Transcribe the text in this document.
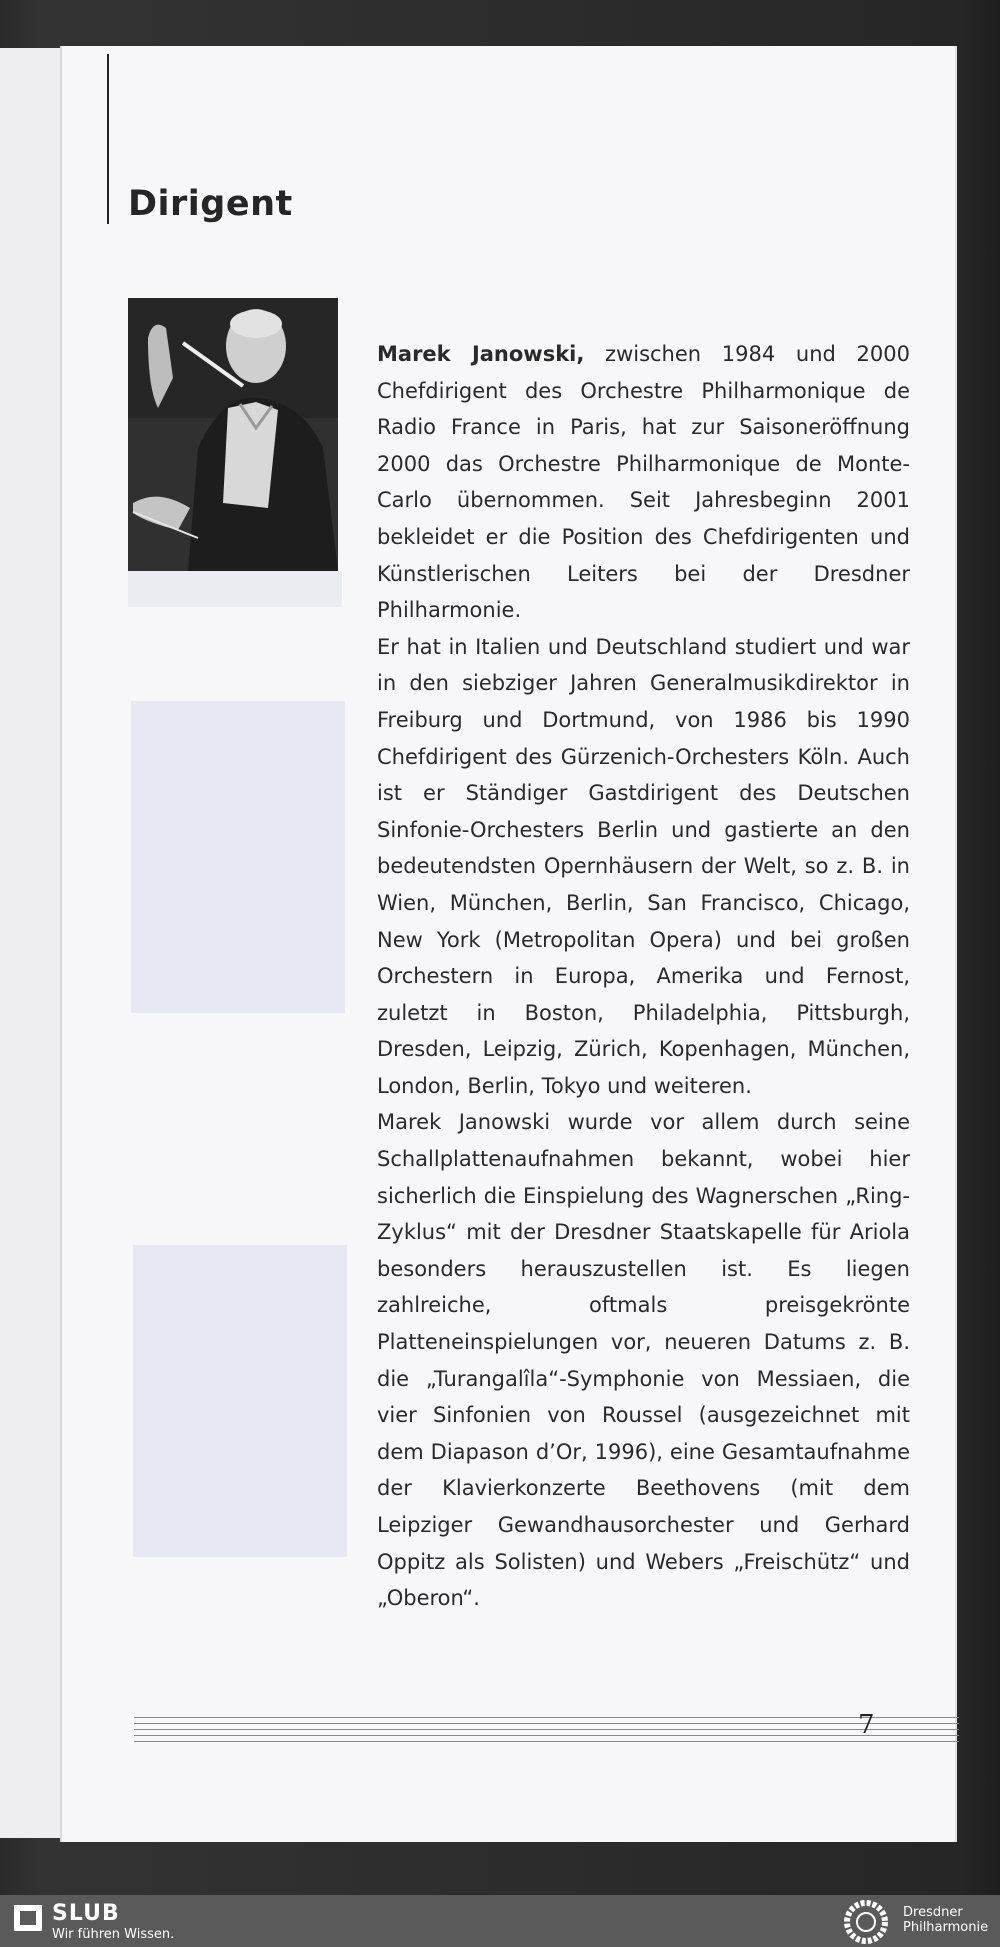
Dirigent

Marek Janowski, zwischen 1984 und 2000 Chefdirigent des Orchestre Philharmonique de Radio France in Paris, hat zur Saisoneröffnung 2000 das Orchestre Philharmonique de Monte-Carlo übernommen. Seit Jahresbeginn 2001 bekleidet er die Position des Chefdirigenten und Künstlerischen Leiters bei der Dresdner Philharmonie.

Er hat in Italien und Deutschland studiert und war in den siebziger Jahren Generalmusikdirektor in Freiburg und Dortmund, von 1986 bis 1990 Chefdirigent des Gürzenich-Orchesters Köln. Auch ist er Ständiger Gastdirigent des Deutschen Sinfonie-Orchesters Berlin und gastierte an den bedeutendsten Opernhäusern der Welt, so z. B. in Wien, München, Berlin, San Francisco, Chicago, New York (Metropolitan Opera) und bei großen Orchestern in Europa, Amerika und Fernost, zuletzt in Boston, Philadelphia, Pittsburgh, Dresden, Leipzig, Zürich, Kopenhagen, München, London, Berlin, Tokyo und weiteren.

Marek Janowski wurde vor allem durch seine Schallplattenaufnahmen bekannt, wobei hier sicherlich die Einspielung des Wagnerschen „Ring-Zyklus“ mit der Dresdner Staatskapelle für Ariola besonders herauszustellen ist. Es liegen zahlreiche, oftmals preisgekrönte Platteneinspielungen vor, neueren Datums z. B. die „Turangalîla“-Symphonie von Messiaen, die vier Sinfonien von Roussel (ausgezeichnet mit dem Diapason d’Or, 1996), eine Gesamtaufnahme der Klavierkonzerte Beethovens (mit dem Leipziger Gewandhausorchester und Gerhard Oppitz als Solisten) und Webers „Freischütz“ und „Oberon“.

7
SLUB
Wir führen Wissen.
Dresdner
Philharmonie
